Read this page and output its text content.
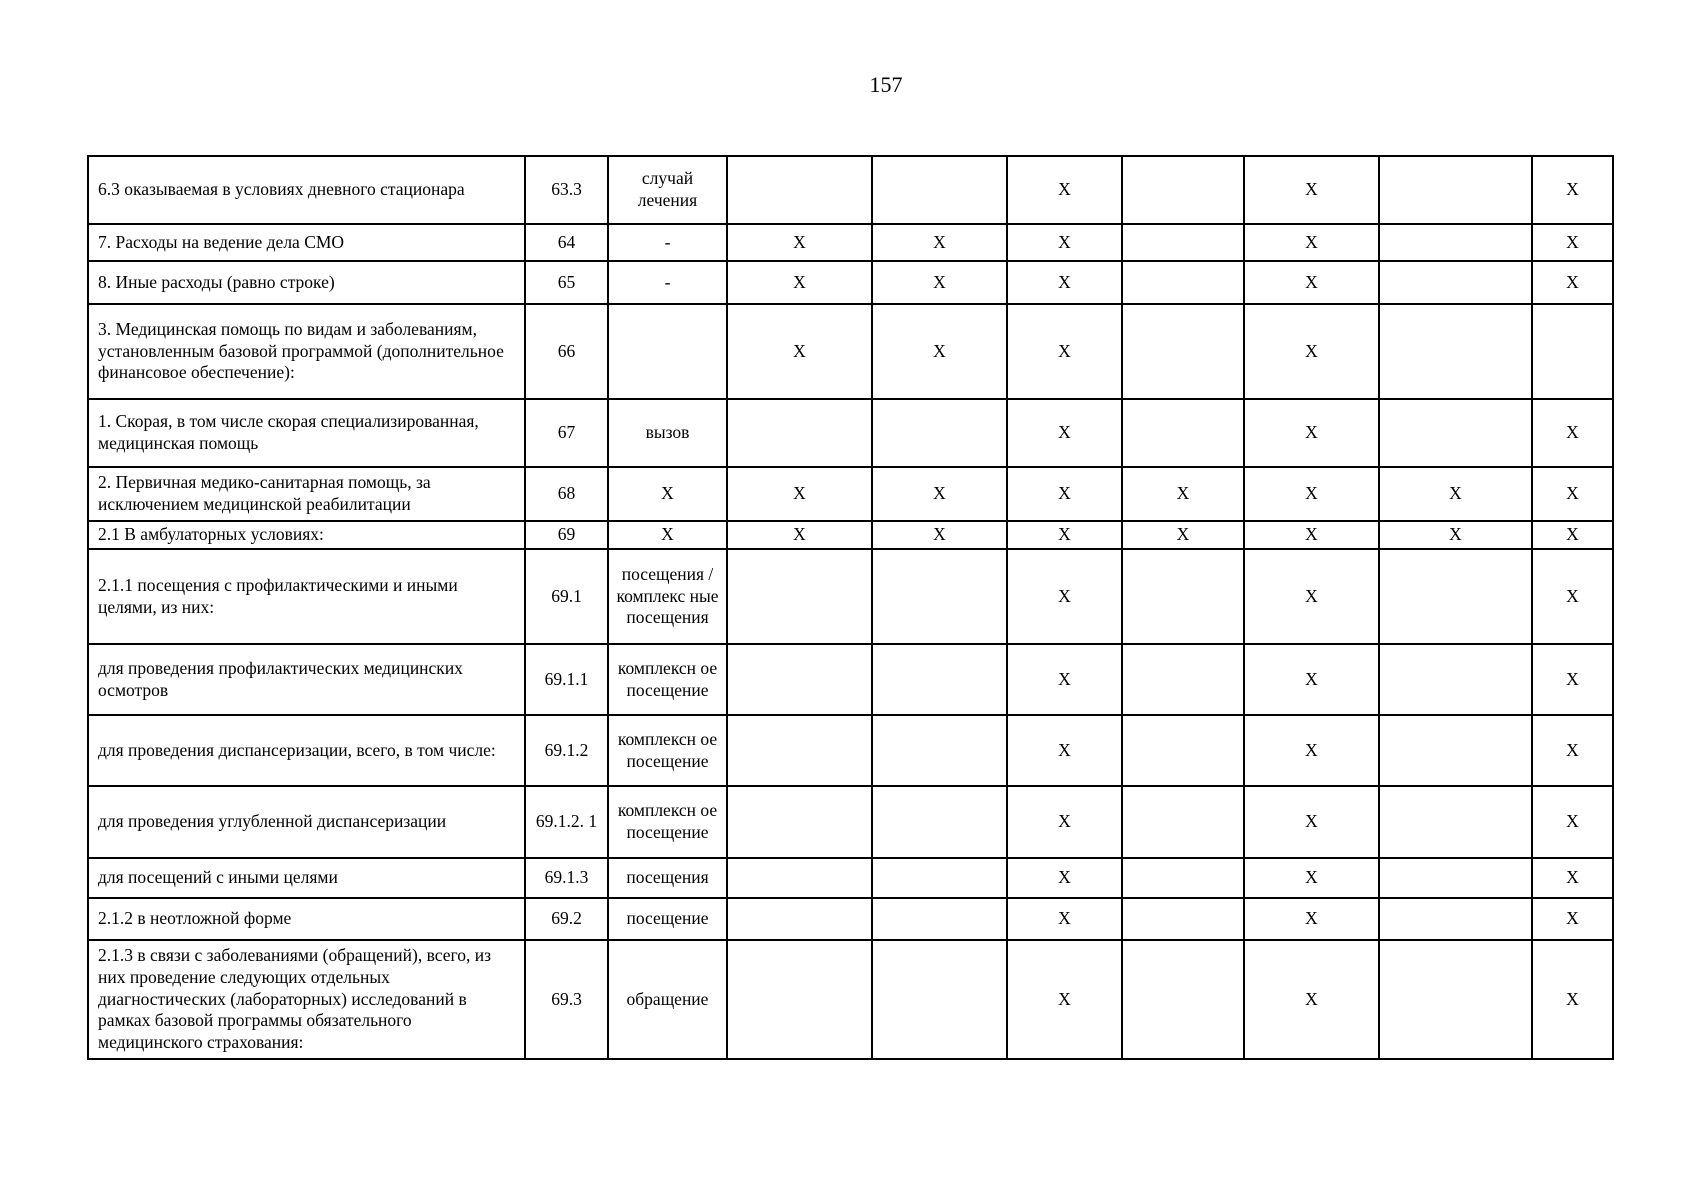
157
6.3 оказываемая в условиях дневного стационара	63.3	случай лечения			Х		Х		Х
7. Расходы на ведение дела СМО	64	-	Х	Х	Х		Х		Х
8. Иные расходы (равно строке)	65	-	Х	Х	Х		Х		Х
3. Медицинская помощь по видам и заболеваниям, установленным базовой программой (дополнительное финансовое обеспечение):	66		Х	Х	Х		Х		
1. Скорая, в том числе скорая специализированная, медицинская помощь	67	вызов			Х		Х		Х
2. Первичная медико-санитарная помощь, за исключением медицинской реабилитации	68	Х	Х	Х	Х	Х	Х	Х	Х
2.1 В амбулаторных условиях:	69	Х	Х	Х	Х	Х	Х	Х	Х
2.1.1 посещения с профилактическими и иными целями, из них:	69.1	посещения /комплекс ные посещения			Х		Х		Х
для проведения профилактических медицинских осмотров	69.1.1	комплексн ое посещение			Х		Х		Х
для проведения диспансеризации, всего, в том числе:	69.1.2	комплексн ое посещение			Х		Х		Х
для проведения углубленной диспансеризации	69.1.2. 1	комплексн ое посещение			Х		Х		Х
для посещений с иными целями	69.1.3	посещения			Х		Х		Х
2.1.2 в неотложной форме	69.2	посещение			Х		Х		Х
2.1.3 в связи с заболеваниями (обращений), всего, из них проведение следующих отдельных диагностических (лабораторных) исследований в рамках базовой программы обязательного медицинского страхования:	69.3	обращение			Х		Х		Х
